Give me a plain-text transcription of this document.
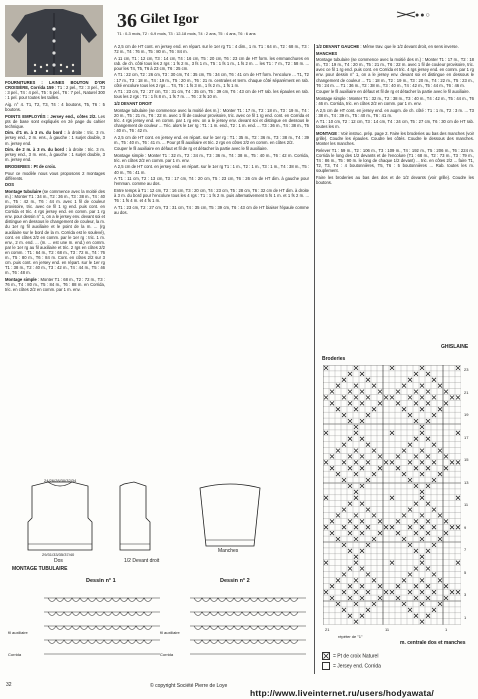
36 Gilet Igor
T1 : 0-3 mois, T2 : 6-9 mois, T3 : 12-18 mois, T4 : 2 ans, T5 : 4 ans, T6 : 6 ans
●●○

FOURNITURES : LAINES BOUTON D'OR CROISIÈRE, Corrida 159 : T1 : 2 pel., T2 : 3 pel., T3 : 3 pel., T4 : 4 pel., T5 : 5 pel., T6 : 7 pel., Naturel 300 : 1 pel. pour toutes les tailles.

Aig. n° 4. T1, T2, T3, T4 : 4 boutons, T5, T6 : 5 boutons.

POINTS EMPLOYÉS : Jersey end., côtes 2/2. Les pts de base sont expliqués en 2è page du cahier technique.

Dim. d'1 m. à 3 m. du bord : à droite : tric. 3 m. jersey end., 2 m. ens., à gauche : 1 surjet double, 3 m. jersey end.

Dim. de 2 m. à 3 m. du bord : à droite : tric. 3 m. jersey end., 3 m. ens., à gauche : 1 surjet double, 3 m. jersey end.

BRODERIES : Pt de croix.

Pour ce modèle nous vous proposons 2 montages différents.

DOS

Montage tubulaire (se commence avec la moitié des m.) : Monter T1 : 34 m., T2 : 36 m., T3 : 38 m., T4 : 40 m., T5 : 42 m., T6 : 44 m. avec 1 fil de couleur provisoire, tric. avec ce fil 1 rg end. puis cont. en Corrida et tric. 4 rgs jersey end. en comm. par 1 rg env. pour dessin n° 1, on a le jersey env. devant soi et distingue en dessous le changement de couleur, la m. du 1er rg fil auxiliaire et le point de la m. ... (rg auxiliaire sur le bord de la m. Corrida est le soulevé), cont. en côtes 2/2 en comm. par le 1er rg : tric. 1 m. env., 2 m. end. ... (m. ... est une m. end.) en comm. par le 1er rg au fil auxiliaire et tric. 2 rgs en côtes 2/2 en comm. : T1 : 64 m., T2 : 68 m., T3 : 72 m., T4 : 76 m., T5 : 80 m., T6 : 84 m. Cont. en côtes 2/2 sur 3 cm. puis cont. en jersey end. en répart. sur le 1er rg T1 : 38 m., T2 : 40 m., T3 : 42 m., T4 : 44 m., T5 : 46 m., T6 : 48 m.

Montage simple : Monter T1 : 68 m., T2 : 72 m., T3 : 76 m., T4 : 80 m., T5 : 84 m., T6 : 88 m. en Corrida, tric. en côtes 2/2 en comm. par 1 m. env.

A 2,5 cm de HT cont. en jersey end. en répart. sur le 1er rg T1 : 4 dim., 1 m. T1 : 64 m., T2 : 68 m., T3 : 72 m., T4 : 76 m., T5 : 80 m., T6 : 84 m.

A 11 cm, T1 : 12 cm, T3 : 14 cm, T4 : 16 cm, T5 : 20 cm, T6 : 23 cm de HT form. les emmanchures en rab. de ch. côté tous les 2 rgs : 1 fs 2 m., 3 fs 1 m., T5 : 1 fs 1 m., 1 fs 2 m. ... les T1 : 7 m., T2 : 58 m. ... pour les T4, T5, T6 à 23 cm, T6 : 25 cm.

A T1 : 22 cm, T2 : 26 cm, T3 : 30 cm, T4 : 35 cm, T5 : 34 cm, T6 : 41 cm de HT form. l'encolure ... T1, T2 : 17 m., T3 : 18 m., T4 : 19 m., T5 : 20 m., T6 : 21 m. centrales et term. chaque côté séparément en rab. côté encolure tous les 2 rgs ... T4, T5 : 1 fs 3 m., 1 fs 2 m., 1 fs 1 m.

A T1 : 23 cm, T2 : 27 cm, T3 : 31 cm, T4 : 35 cm, T5 : 39 cm, T6 : 43 cm de HT rab. les épaules en rab. tous les 2 rgs : T1 : 1 fs 8 m., 1 fs 7 m. ... T6 : 2 fs 10 m.

1/2 DEVANT DROIT

Montage tubulaire (se commence avec la moitié des m.) : Monter T1 : 17 m., T2 : 18 m., T3 : 19 m., T4 : 20 m., T5 : 21 m., T6 : 22 m. avec 1 fil de couleur provisoire, tric. avec ce fil 1 rg end. cont. en Corrida et tric. 4 rgs jersey end. en comm. par 1 rg env. on a le jersey env. devant soi et distingue en dessous le changement de couleur ... Tric. alors le 1er rg : T1 : 1 m. end., T2 : 1 m. end. ... T3 : 36 m., T4 : 38 m., T5 : 40 m., T6 : 42 m.

A 2,5 cm de HT cont. en jersey end. en répart. sur le 1er rg : T1 : 35 m., T2 : 36 m., T3 : 38 m., T4 : 39 m., T5 : 40 m., T6 : 41 m. ... Pour pt fil auxiliaire et tric. 2 rgs en côtes 2/2 en comm. en côtes 2/2.

Couper le fil auxiliaire en défaut et fil de rg et détacher la partie avec le fil auxiliaire.

Montage simple : Monter T1 : 32 m., T2 : 34 m., T3 : 36 m., T4 : 38 m., T5 : 40 m., T6 : 42 m. Corrida, tric. en côtes 2/2 en comm. par 1 m. env.

A 2,5 cm de HT cont. en jersey end. en répart. sur le 1er rg T1 : 1 m., T2 : 1 m., T3 : 1 m., T4 : 38 m., T5 : 40 m., T6 : 41 m.

A T1 : 11 cm, T2 : 13 cm, T3 : 17 cm, T4 : 20 cm, T5 : 23 cm, T6 : 26 cm de HT dim. à gauche pour l'emman. comme au dos.

Entre temps à T1 : 12 cm, T2 : 16 cm, T3 : 20 cm, T4 : 23 cm, T5 : 28 cm, T6 : 32 cm de HT dim. à droite à 3 m. du bord pour l'encolure tous les 4 rgs : T1 : 1 fs 2 m. puis alternativement 5 fs 1 m. et 1 fs 2 m. ... T6 : 1 fs 4 m. et 4 fs 1 m.

A T1 : 23 cm, T2 : 27 cm, T3 : 31 cm, T4 : 35 cm, T5 : 39 cm, T6 : 43 cm de HT biaiser l'épaule comme au dos.

1/2 DEVANT GAUCHE : Même trav. que le 1/2 devant droit, en sens inverse.

MANCHES

Montage tubulaire (se commence avec la moitié des m.) : Monter T1 : 17 m., T2 : 18 m., T3 : 19 m., T4 : 20 m., T5 : 21 m., T6 : 22 m. avec 1 fil de couleur provisoire, tric. avec ce fil 1 rg end. puis cont. en Corrida et tric. 4 rgs jersey end. en comm. par 1 rg env. pour dessin n° 1, on a le jersey env. devant soi et distingue en dessous le changement de couleur ... T1 : 18 m., T2 : 19 m., T3 : 20 m., T4 : 22 m., T5 : 23 m., T6 : 24 m. ... T1 : 36 m., T2 : 38 m., T3 : 40 m., T4 : 42 m., T5 : 44 m., T6 : 46 m.

Couper le fil auxiliaire en défaut et fil de rg et détacher la partie avec le fil auxiliaire.

Montage simple : Monter T1 : 32 m., T2 : 38 m., T3 : 40 m., T4 : 42 m., T5 : 44 m., T6 : 46 m. Corrida, tric. en côtes 2/2 en comm. par 1 m. env.

A 2,5 cm de HT cont. en jersey end. en augm. de ch. côté : T1 : 1 m., T2 : 3 m. ... T3 : 38 m., T4 : 39 m., T5 : 40 m., T6 : 41 m.

A T1 : 10 cm, T2 : 12 cm, T3 : 14 cm, T4 : 24 cm, T5 : 27 cm, T6 : 30 cm de HT rab. toutes les m.

MONTAGE : Voir instruc. prép. page 2. Faire les broderies au bas des manches (voir grille). Coudre les épaules. Coudre les côtés. Coudre le dessous des manches. Monter les manches.

Relever T1 : 59 m., T2 : 106 m., T3 : 109 m., T4 : 192 m., T5 : 206 m., T6 : 224 m. Corrida le long des 1/2 devants et de l'encolure (T1 : 68 m., T2 : 73 m., T3 : 79 m., T4 : 86 m., T5 : 90 m. le long de chaque 1/2 devant) ... tric. en côtes 2/2 ... faire T1, T2, T3, T4 : 4 boutonnières, T5, T6 : 5 boutonnières ... Rab. toutes les m. souplement.

Faire les broderies au bas des dos et de 1/2 devants (voir grille). Coudre les boutons.

GHISLAINE
24/26/28/30/32/34
29/31/33/35/37/40
Dos	1/2 Devant droit
Manches
MONTAGE TUBULAIRE
Dessin n° 1	Dessin n° 2
fil auxiliaire
Corrida
fil auxiliaire
Corrida
Broderies
23
21
19
17
15
13
11
9
7
5
3
1
21	11	1
répéter de "1"
m. centrale dos et manches
= Pt de croix Naturel
= Jersey end. Corrida
32	© copyright Société Pierre de Loye
http://www.liveinternet.ru/users/hodyawata/
